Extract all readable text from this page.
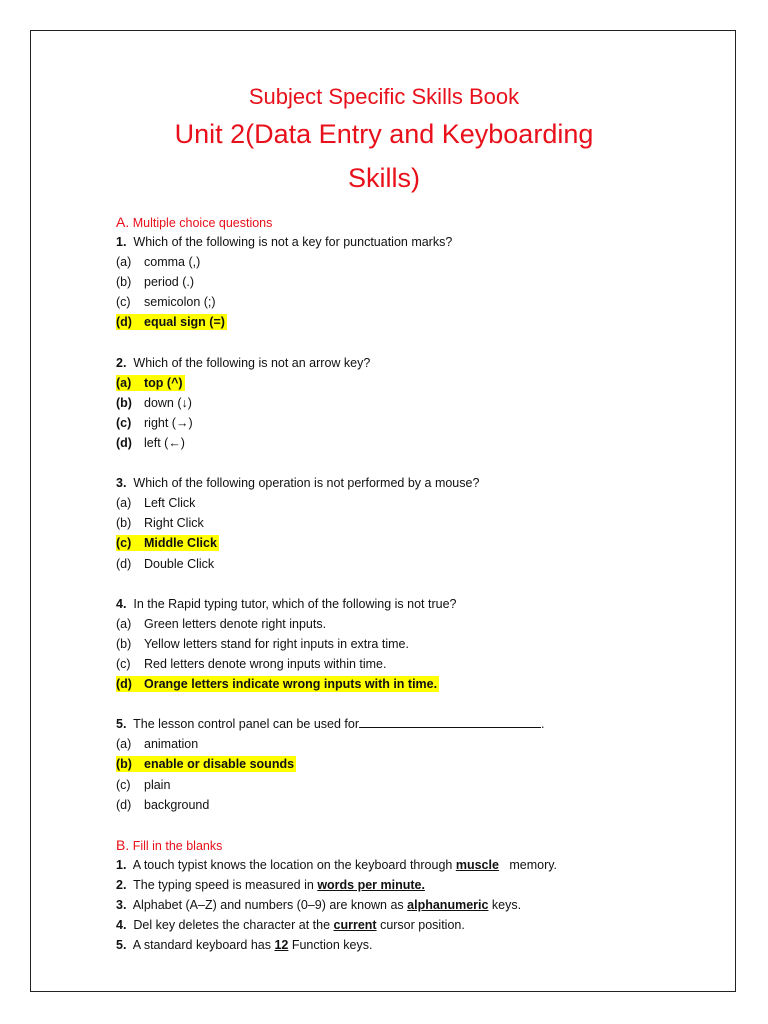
Subject Specific Skills Book
Unit 2(Data Entry and Keyboarding
Skills)
A. Multiple choice questions
1. Which of the following is not a key for punctuation marks?
(a) comma (,)
(b) period (.)
(c) semicolon (;)
(d) equal sign (=)
2. Which of the following is not an arrow key?
(a) top (^)
(b) down (↓)
(c) right (→)
(d) left (←)
3. Which of the following operation is not performed by a mouse?
(a) Left Click
(b) Right Click
(c) Middle Click
(d) Double Click
4. In the Rapid typing tutor, which of the following is not true?
(a) Green letters denote right inputs.
(b) Yellow letters stand for right inputs in extra time.
(c) Red letters denote wrong inputs within time.
(d) Orange letters indicate wrong inputs with in time.
5. The lesson control panel can be used for	.
(a) animation
(b) enable or disable sounds
(c) plain
(d) background
B. Fill in the blanks
1. A touch typist knows the location on the keyboard through muscle   memory.
2. The typing speed is measured in words per minute.
3. Alphabet (A–Z) and numbers (0–9) are known as alphanumeric keys.
4. Del key deletes the character at the current cursor position.
5. A standard keyboard has 12 Function keys.
